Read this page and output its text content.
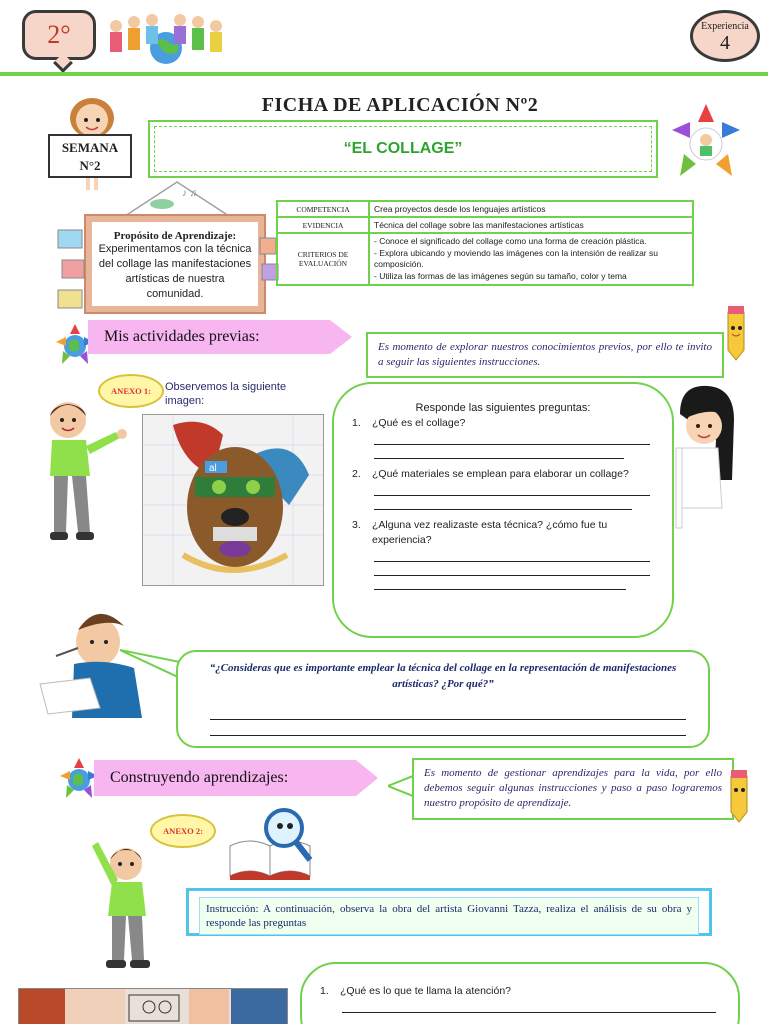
2°	Experiencia
4
SEMANA
N°2
FICHA DE APLICACIÓN Nº2
“EL COLLAGE”
♪ ♫
Propósito de Aprendizaje:
Experimentamos con la técnica del collage las manifestaciones artísticas de nuestra comunidad.
COMPETENCIA	Crea proyectos desde los lenguajes artísticos
EVIDENCIA	Técnica del collage sobre las manifestaciones artísticas
CRITERIOS DE EVALUACIÓN	- Conoce el significado del collage como una forma de creación plástica.
- Explora ubicando y moviendo las imágenes con la intensión de realizar su composición.
- Utiliza las formas de las imágenes según su tamaño, color y tema
Mis actividades previas:
Es momento de explorar nuestros conocimientos previos, por ello te invito a seguir las siguientes instrucciones.
ANEXO 1:	Observemos la siguiente imagen:
al
Responde las siguientes preguntas:
1. ¿Qué es el collage?
2.	¿Qué materiales se emplean para elaborar un collage?
3.	¿Alguna vez realizaste esta técnica? ¿cómo fue tu experiencia?
“¿Consideras que es importante emplear la técnica del collage en la representación de manifestaciones artísticas? ¿Por qué?”
Construyendo aprendizajes:	Es momento de gestionar aprendizajes para la vida, por ello debemos seguir algunas instrucciones y paso a paso lograremos nuestro propósito de aprendizaje.
ANEXO 2:
Instrucción: A continuación, observa la obra del artista Giovanni Tazza, realiza el análisis de su obra y responde las preguntas
1. ¿Qué es lo que te llama la atención?
